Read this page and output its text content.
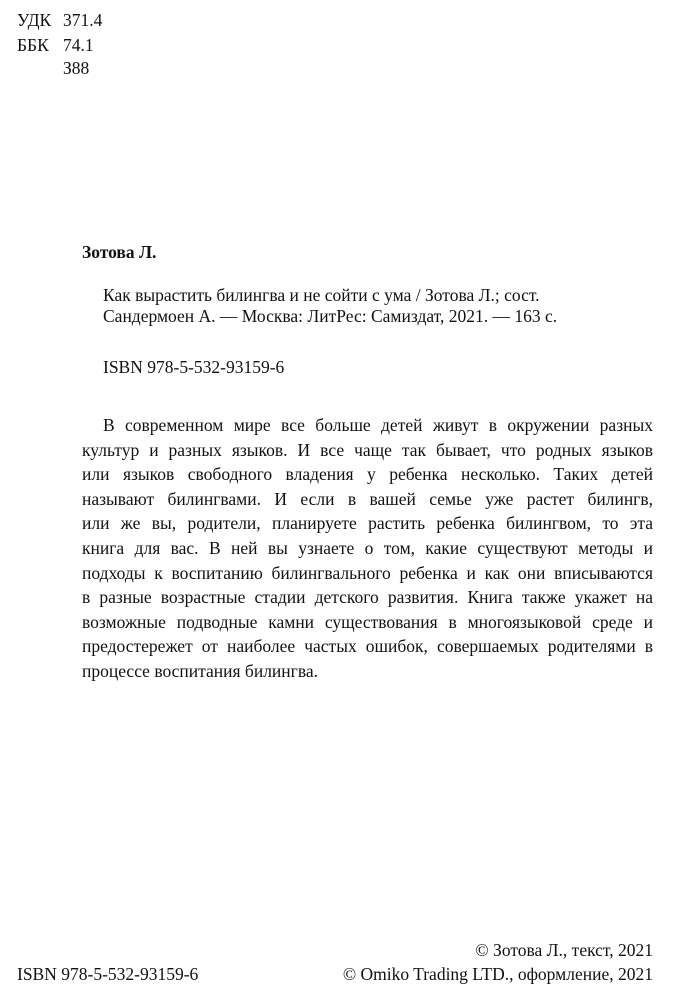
УДК 371.4
ББК 74.1
З88
Зотова Л.
Как вырастить билингва и не сойти с ума / Зотова Л.; сост.
Сандермоен А. — Москва: ЛитРес: Самиздат, 2021. — 163 с.
ISBN 978-5-532-93159-6
В современном мире все больше детей живут в окружении разных
культур и разных языков. И все чаще так бывает, что родных языков
или языков свободного владения у ребенка несколько. Таких детей
называют билингвами. И если в вашей семье уже растет билингв,
или же вы, родители, планируете растить ребенка билингвом, то эта
книга для вас. В ней вы узнаете о том, какие существуют методы и
подходы к воспитанию билингвального ребенка и как они вписываются
в разные возрастные стадии детского развития. Книга также укажет на
возможные подводные камни существования в многоязыковой среде и
предостережет от наиболее частых ошибок, совершаемых родителями в
процессе воспитания билингва.
ISBN 978-5-532-93159-6
© Зотова Л., текст, 2021
© Omiko Trading LTD., оформление, 2021
